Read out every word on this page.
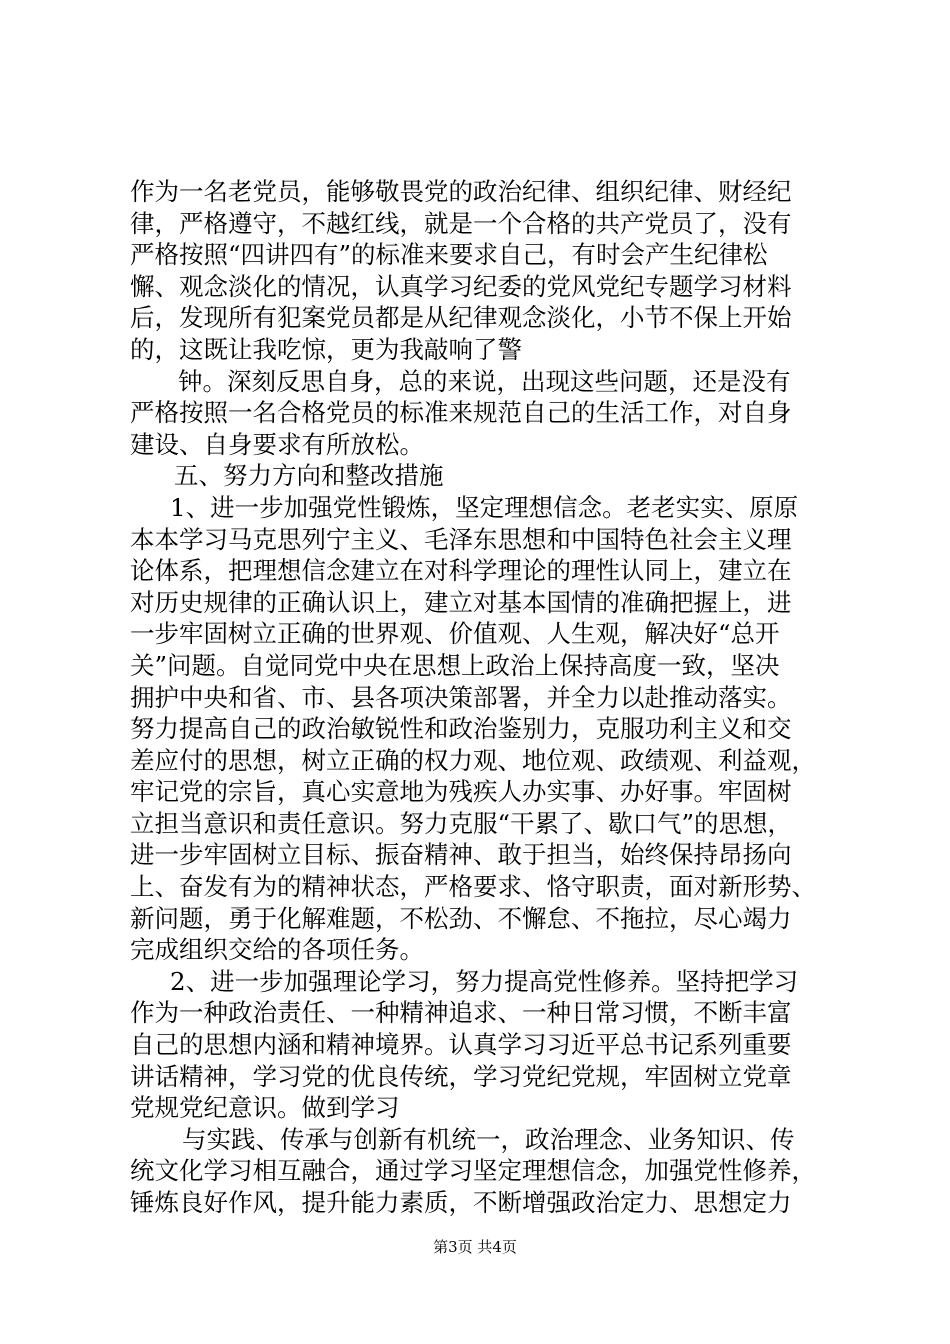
作为一名老党员，能够敬畏党的政治纪律、组织纪律、财经纪
律，严格遵守，不越红线，就是一个合格的共产党员了，没有
严格按照“四讲四有”的标准来要求自己，有时会产生纪律松
懈、观念淡化的情况，认真学习纪委的党风党纪专题学习材料
后，发现所有犯案党员都是从纪律观念淡化，小节不保上开始
的，这既让我吃惊，更为我敲响了警
钟。深刻反思自身，总的来说，出现这些问题，还是没有
严格按照一名合格党员的标准来规范自己的生活工作，对自身
建设、自身要求有所放松。
五、努力方向和整改措施
1、进一步加强党性锻炼，坚定理想信念。老老实实、原原
本本学习马克思列宁主义、毛泽东思想和中国特色社会主义理
论体系，把理想信念建立在对科学理论的理性认同上，建立在
对历史规律的正确认识上，建立对基本国情的准确把握上，进
一步牢固树立正确的世界观、价值观、人生观，解决好“总开
关”问题。自觉同党中央在思想上政治上保持高度一致，坚决
拥护中央和省、市、县各项决策部署，并全力以赴推动落实。
努力提高自己的政治敏锐性和政治鉴别力，克服功利主义和交
差应付的思想，树立正确的权力观、地位观、政绩观、利益观，
牢记党的宗旨，真心实意地为残疾人办实事、办好事。牢固树
立担当意识和责任意识。努力克服“干累了、歇口气”的思想，
进一步牢固树立目标、振奋精神、敢于担当，始终保持昂扬向
上、奋发有为的精神状态，严格要求、恪守职责，面对新形势、
新问题，勇于化解难题，不松劲、不懈怠、不拖拉，尽心竭力
完成组织交给的各项任务。
2、进一步加强理论学习，努力提高党性修养。坚持把学习
作为一种政治责任、一种精神追求、一种日常习惯，不断丰富
自己的思想内涵和精神境界。认真学习习近平总书记系列重要
讲话精神，学习党的优良传统，学习党纪党规，牢固树立党章
党规党纪意识。做到学习
与实践、传承与创新有机统一，政治理念、业务知识、传
统文化学习相互融合，通过学习坚定理想信念，加强党性修养，
锤炼良好作风，提升能力素质，不断增强政治定力、思想定力
第3页 共4页
